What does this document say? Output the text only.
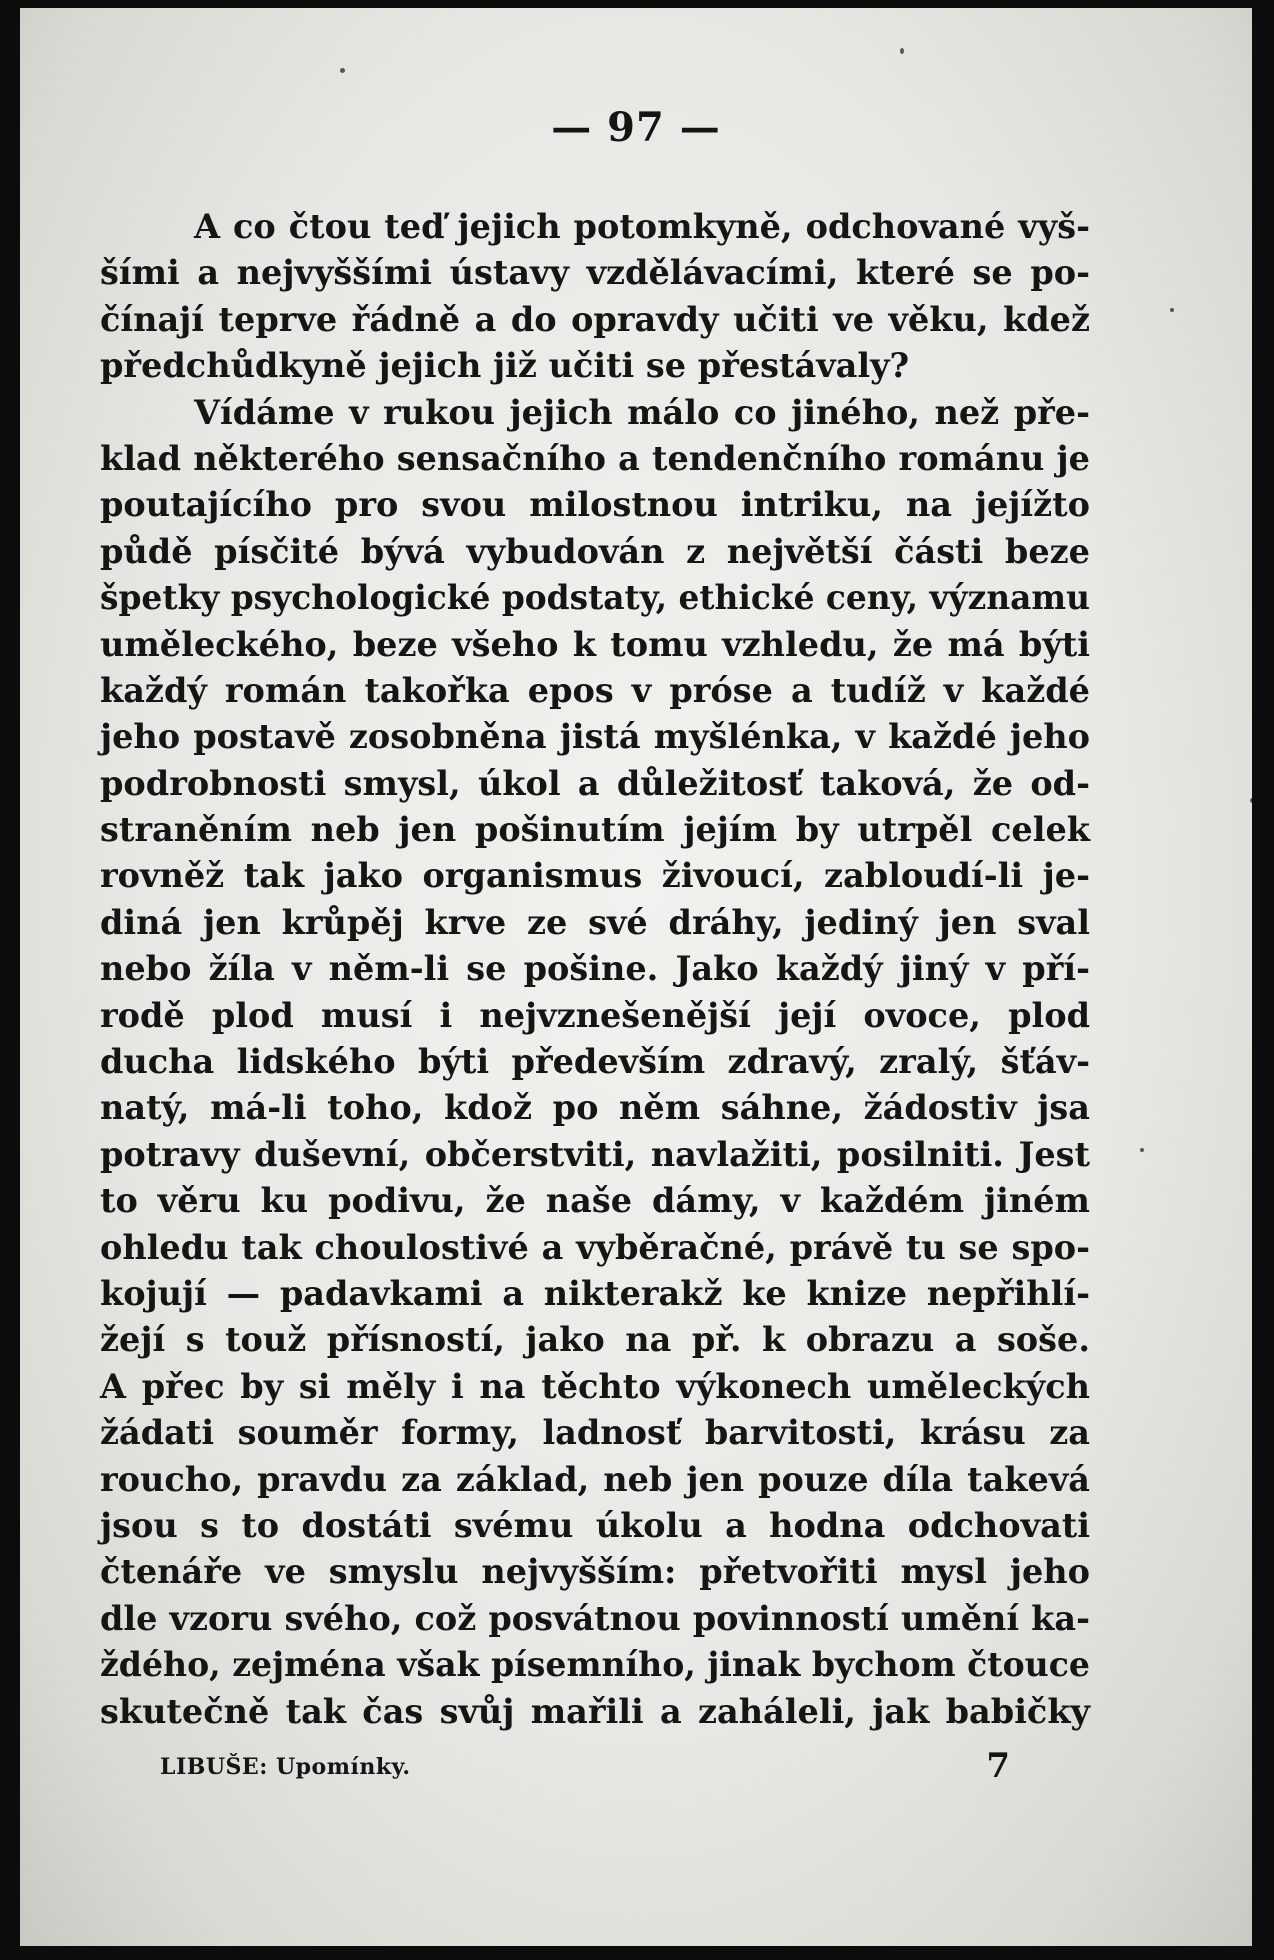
— 97 —
A co čtou teď jejich potomkyně, odchované vyš-
šími a nejvyššími ústavy vzdělávacími, které se po-
čínají teprve řádně a do opravdy učiti ve věku, kdež
předchůdkyně jejich již učiti se přestávaly?
Vídáme v rukou jejich málo co jiného, než pře-
klad některého sensačního a tendenčního románu je
poutajícího pro svou milostnou intriku, na jejížto
půdě písčité bývá vybudován z největší části beze
špetky psychologické podstaty, ethické ceny, významu
uměleckého, beze všeho k tomu vzhledu, že má býti
každý román takořka epos v próse a tudíž v každé
jeho postavě zosobněna jistá myšlénka, v každé jeho
podrobnosti smysl, úkol a důležitosť taková, že od-
straněním neb jen pošinutím jejím by utrpěl celek
rovněž tak jako organismus živoucí, zabloudí-li je-
diná jen krůpěj krve ze své dráhy, jediný jen sval
nebo žíla v něm-li se pošine. Jako každý jiný v pří-
rodě plod musí i nejvznešenější její ovoce, plod
ducha lidského býti především zdravý, zralý, šťáv-
natý, má-li toho, kdož po něm sáhne, žádostiv jsa
potravy duševní, občerstviti, navlažiti, posilniti. Jest
to věru ku podivu, že naše dámy, v každém jiném
ohledu tak choulostivé a vyběračné, právě tu se spo-
kojují — padavkami a nikterakž ke knize nepřihlí-
žejí s touž přísností, jako na př. k obrazu a soše.
A přec by si měly i na těchto výkonech uměleckých
žádati souměr formy, ladnosť barvitosti, krásu za
roucho, pravdu za základ, neb jen pouze díla takevá
jsou s to dostáti svému úkolu a hodna odchovati
čtenáře ve smyslu nejvyšším: přetvořiti mysl jeho
dle vzoru svého, což posvátnou povinností umění ka-
ždého, zejména však písemního, jinak bychom čtouce
skutečně tak čas svůj mařili a zaháleli, jak babičky
LIBUŠE: Upomínky.	7
